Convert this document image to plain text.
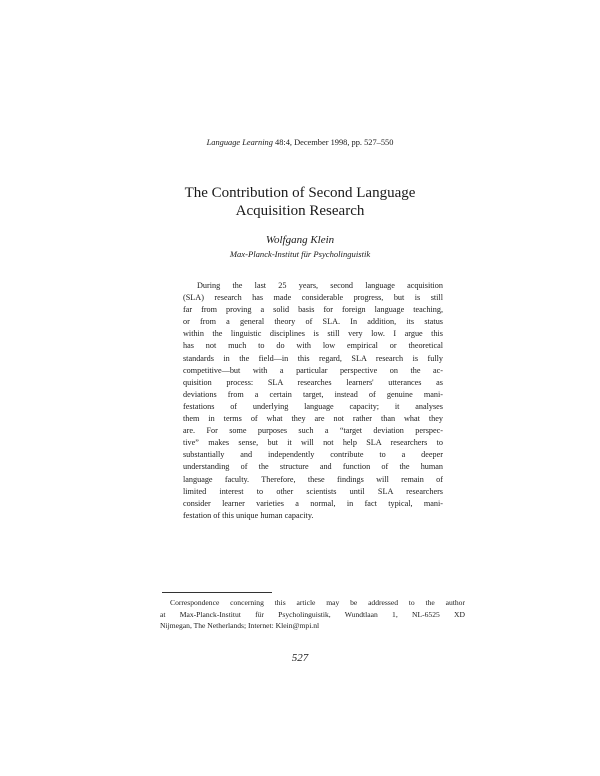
Language Learning 48:4, December 1998, pp. 527–550
The Contribution of Second Language
Acquisition Research
Wolfgang Klein
Max-Planck-Institut für Psycholinguistik
During the last 25 years, second language acquisition
(SLA) research has made considerable progress, but is still
far from proving a solid basis for foreign language teaching,
or from a general theory of SLA. In addition, its status
within the linguistic disciplines is still very low. I argue this
has not much to do with low empirical or theoretical
standards in the field—in this regard, SLA research is fully
competitive—but with a particular perspective on the ac-
quisition process: SLA researches learners' utterances as
deviations from a certain target, instead of genuine mani-
festations of underlying language capacity; it analyses
them in terms of what they are not rather than what they
are. For some purposes such a “target deviation perspec-
tive” makes sense, but it will not help SLA researchers to
substantially and independently contribute to a deeper
understanding of the structure and function of the human
language faculty. Therefore, these findings will remain of
limited interest to other scientists until SLA researchers
consider learner varieties a normal, in fact typical, mani-
festation of this unique human capacity.
Correspondence concerning this article may be addressed to the author
at Max-Planck-Institut für Psycholinguistik, Wundtlaan 1, NL-6525 XD
Nijmegan, The Netherlands; Internet: Klein@mpi.nl
527
